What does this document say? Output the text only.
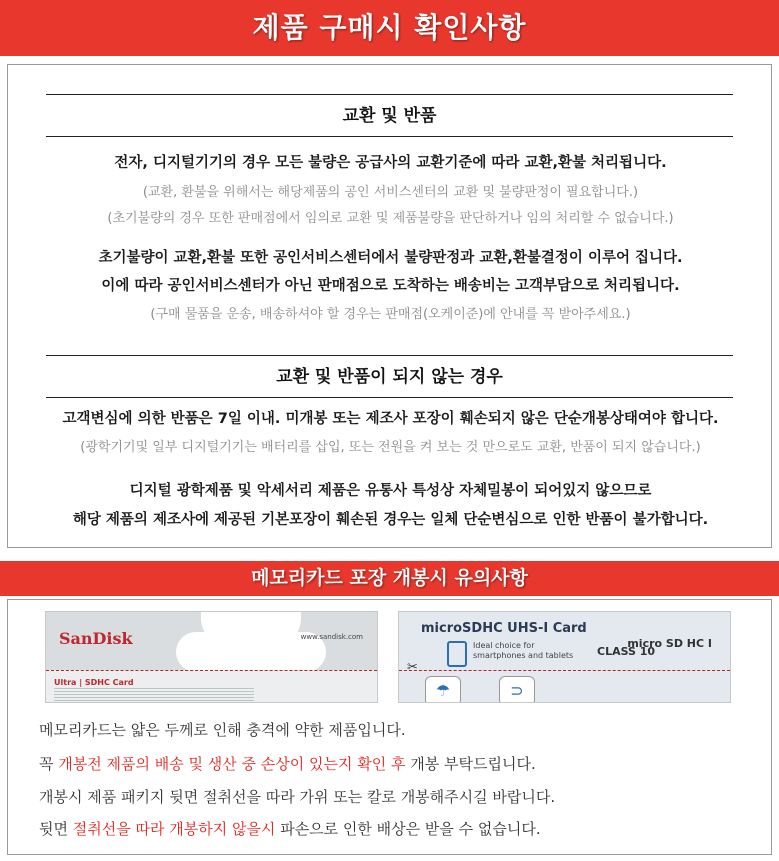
제품 구매시 확인사항
교환 및 반품
전자, 디지털기기의 경우 모든 불량은 공급사의 교환기준에 따라 교환,환불 처리됩니다.
(교환, 환불을 위해서는 해당제품의 공인 서비스센터의 교환 및 불량판정이 필요합니다.)
(초기불량의 경우 또한 판매점에서 임의로 교환 및 제품불량을 판단하거나 임의 처리할 수 없습니다.)
초기불량이 교환,환불 또한 공인서비스센터에서 불량판정과 교환,환불결정이 이루어 집니다.
이에 따라 공인서비스센터가 아닌 판매점으로 도착하는 배송비는 고객부담으로 처리됩니다.
(구매 물품을 운송, 배송하셔야 할 경우는 판매점(오케이준)에 안내를 꼭 받아주세요.)
교환 및 반품이 되지 않는 경우
고객변심에 의한 반품은 7일 이내. 미개봉 또는 제조사 포장이 훼손되지 않은 단순개봉상태여야 합니다.
(광학기기및 일부 디지털기기는 배터리를 삽입, 또는 전원을 켜 보는 것 만으로도 교환, 반품이 되지 않습니다.)
디지털 광학제품 및 악세서리 제품은 유통사 특성상 자체밀봉이 되어있지 않으므로
해당 제품의 제조사에 제공된 기본포장이 훼손된 경우는 일체 단순변심으로 인한 반품이 불가합니다.
메모리카드 포장 개봉시 유의사항
SanDisk	www.sandisk.com
Ultra | SDHC Card
microSDHC UHS-I Card
Ideal choice for
smartphones and tablets CLASS 10
micro SD HC I
✂
☂	⊃
메모리카드는 얇은 두께로 인해 충격에 약한 제품입니다.
꼭 개봉전 제품의 배송 및 생산 중 손상이 있는지 확인 후 개봉 부탁드립니다.
개봉시 제품 패키지 뒷면 절취선을 따라 가위 또는 칼로 개봉해주시길 바랍니다.
뒷면 절취선을 따라 개봉하지 않을시 파손으로 인한 배상은 받을 수 없습니다.
